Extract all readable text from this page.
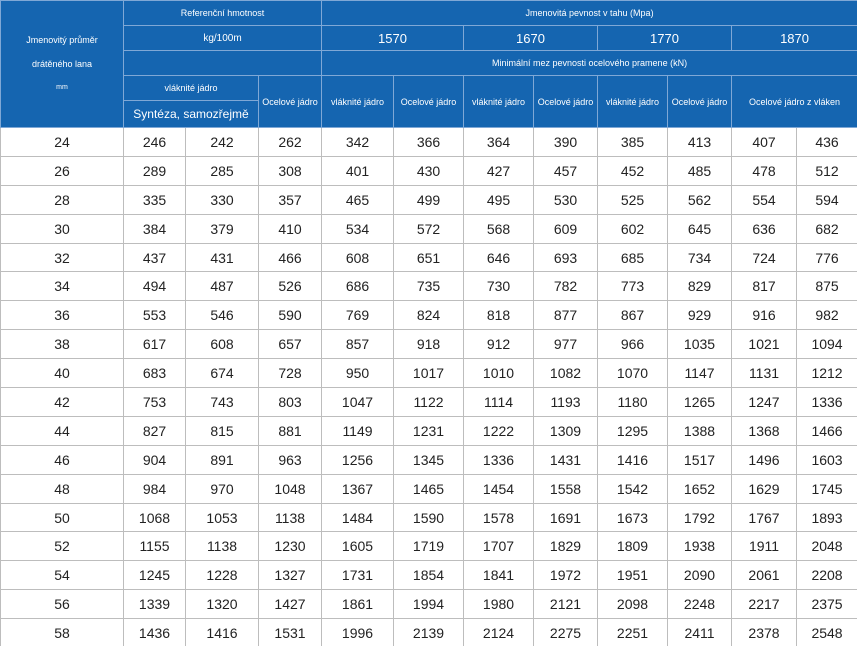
Jmenovitý průměr
drátěného lana
mm	Referenční hmotnost			Jmenovitá pevnost v tahu (Mpa)							
	kg/100m			1570		1670		1770		1870	
				Minimální mez pevnosti ocelového pramene (kN)							
	vláknité jádro		Ocelové jádro	vláknité jádro	Ocelové jádro	vláknité jádro	Ocelové jádro	vláknité jádro	Ocelové jádro	Ocelové jádro z vláken	
	Syntéza, samozřejmě										
24	246	242	262	342	366	364	390	385	413	407	436
26	289	285	308	401	430	427	457	452	485	478	512
28	335	330	357	465	499	495	530	525	562	554	594
30	384	379	410	534	572	568	609	602	645	636	682
32	437	431	466	608	651	646	693	685	734	724	776
34	494	487	526	686	735	730	782	773	829	817	875
36	553	546	590	769	824	818	877	867	929	916	982
38	617	608	657	857	918	912	977	966	1035	1021	1094
40	683	674	728	950	1017	1010	1082	1070	1147	1131	1212
42	753	743	803	1047	1122	1114	1193	1180	1265	1247	1336
44	827	815	881	1149	1231	1222	1309	1295	1388	1368	1466
46	904	891	963	1256	1345	1336	1431	1416	1517	1496	1603
48	984	970	1048	1367	1465	1454	1558	1542	1652	1629	1745
50	1068	1053	1138	1484	1590	1578	1691	1673	1792	1767	1893
52	1155	1138	1230	1605	1719	1707	1829	1809	1938	1911	2048
54	1245	1228	1327	1731	1854	1841	1972	1951	2090	2061	2208
56	1339	1320	1427	1861	1994	1980	2121	2098	2248	2217	2375
58	1436	1416	1531	1996	2139	2124	2275	2251	2411	2378	2548
